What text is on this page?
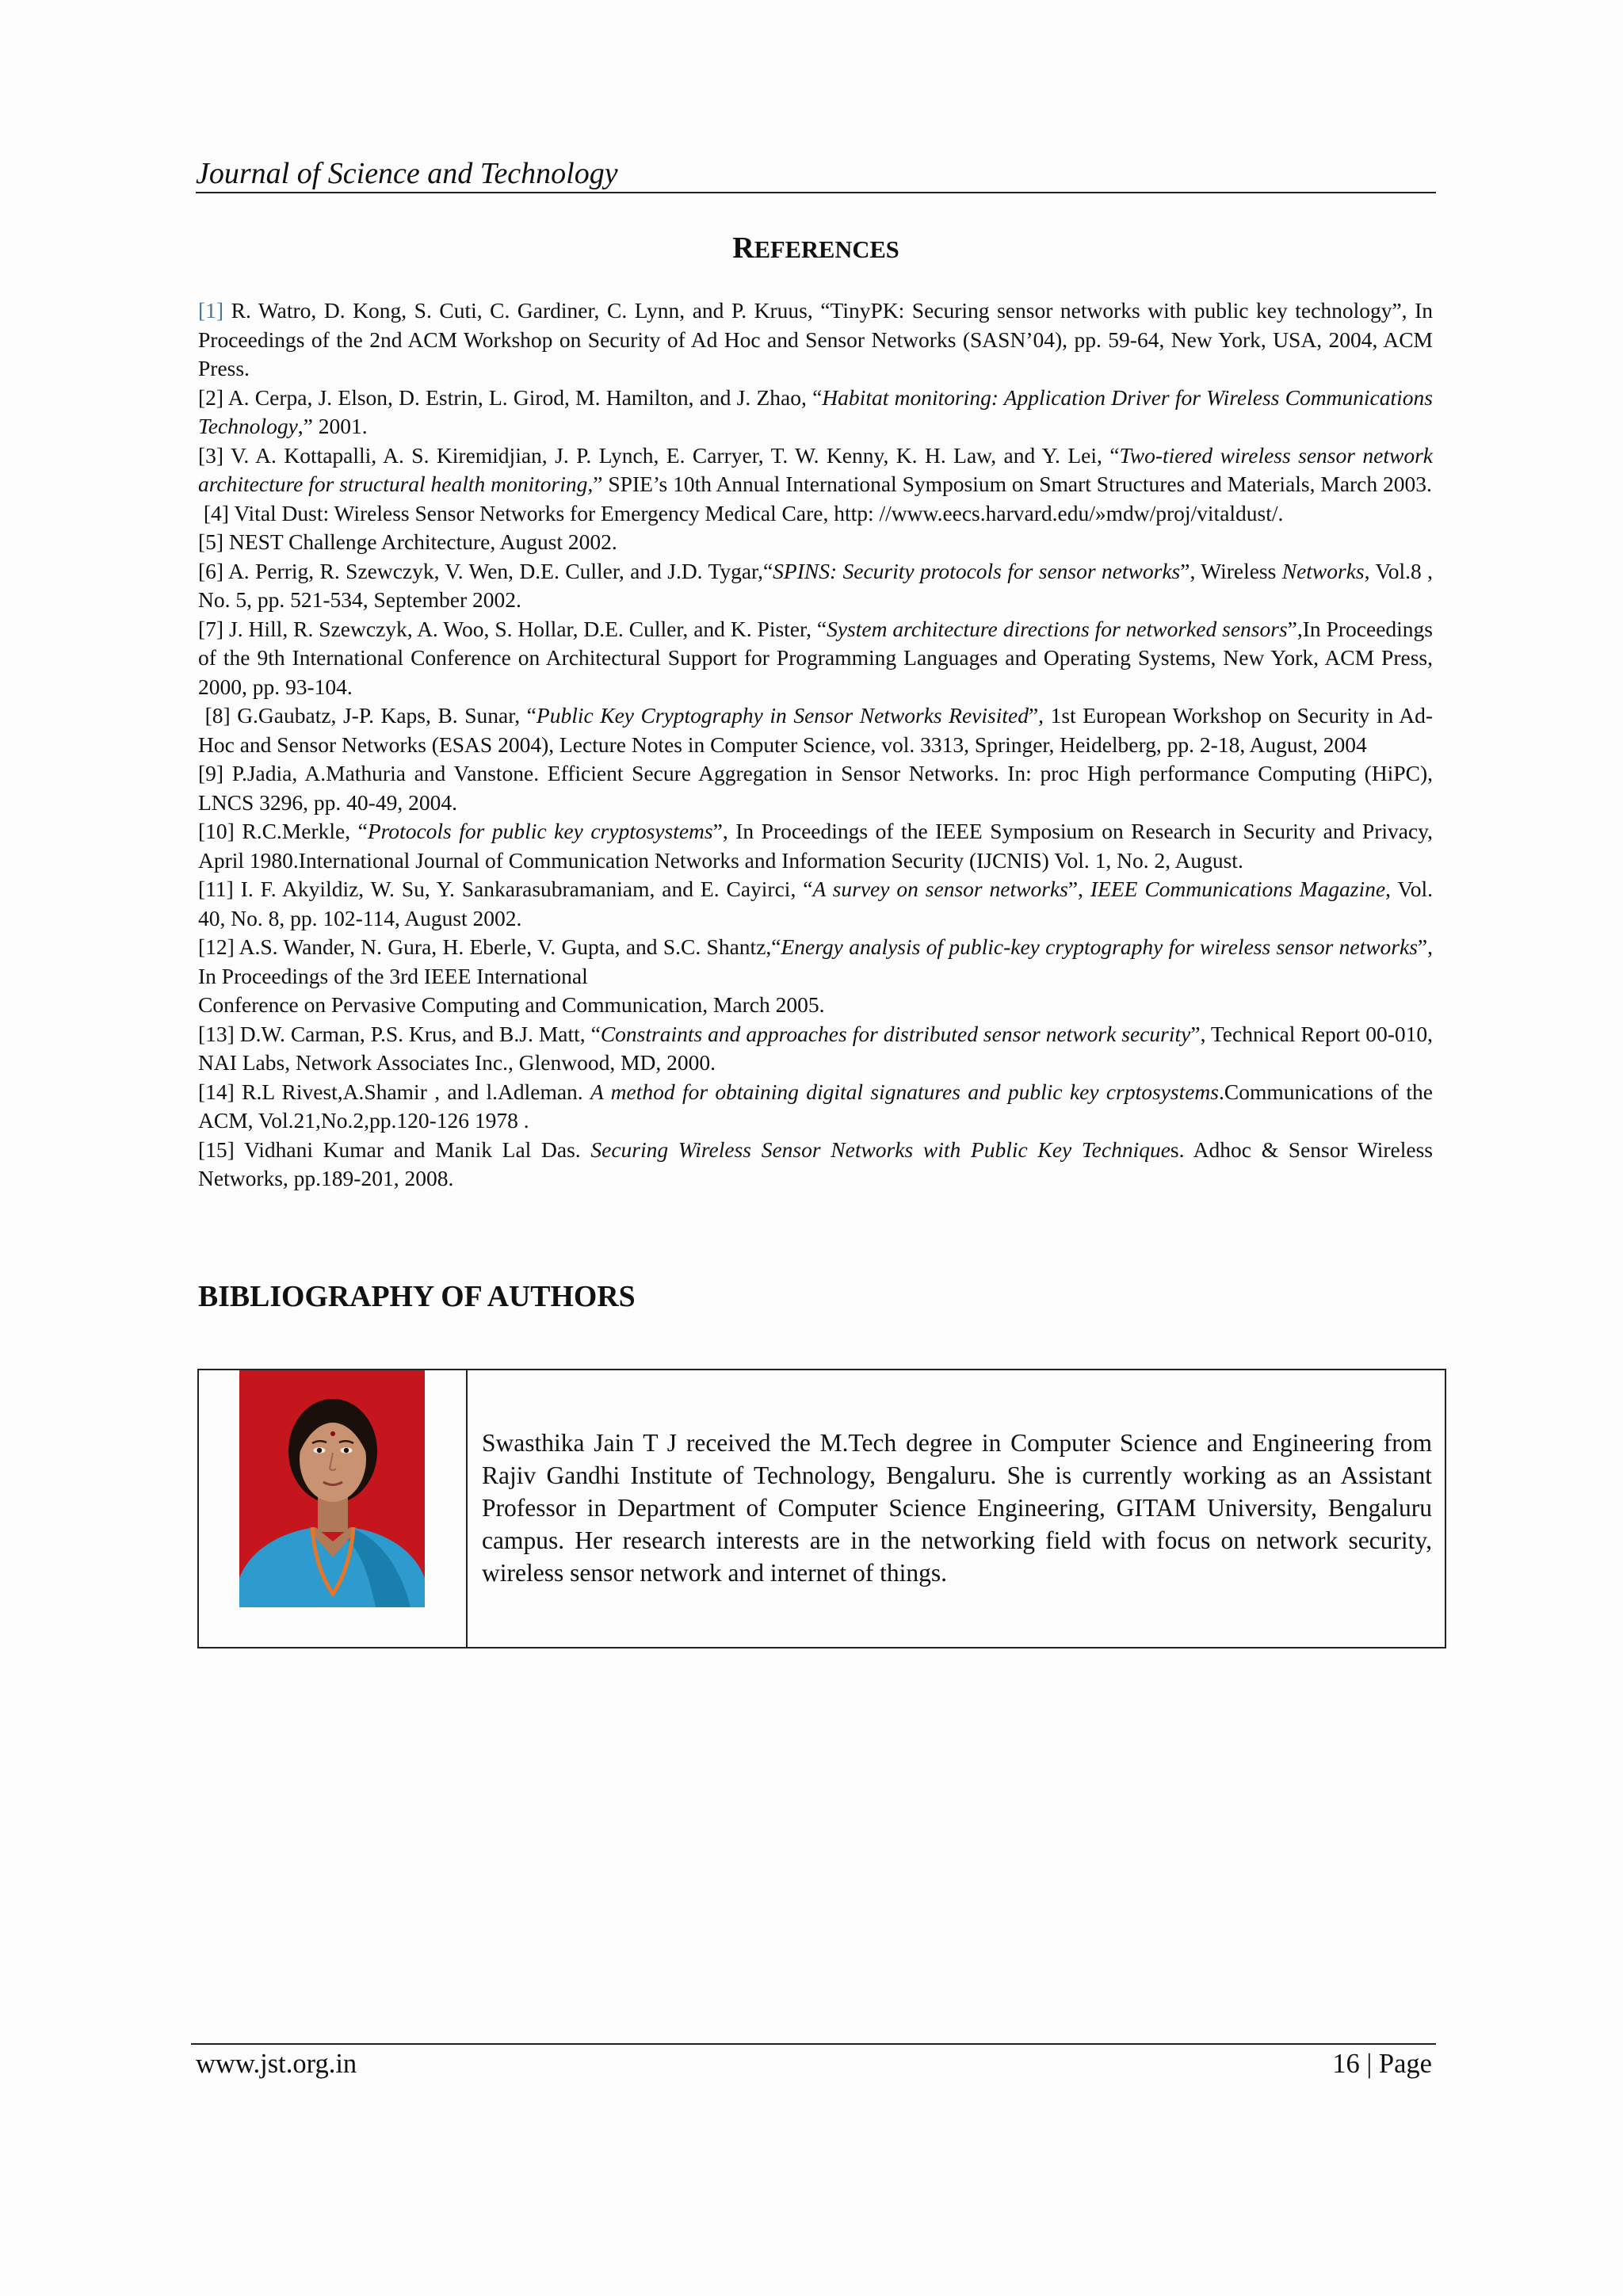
Journal of Science and Technology
REFERENCES
[1] R. Watro, D. Kong, S. Cuti, C. Gardiner, C. Lynn, and P. Kruus, “TinyPK: Securing sensor networks with public key technology”, In Proceedings of the 2nd ACM Workshop on Security of Ad Hoc and Sensor Networks (SASN’04), pp. 59-64, New York, USA, 2004, ACM Press.
[2] A. Cerpa, J. Elson, D. Estrin, L. Girod, M. Hamilton, and J. Zhao, “Habitat monitoring: Application Driver for Wireless Communications Technology,” 2001.
[3] V. A. Kottapalli, A. S. Kiremidjian, J. P. Lynch, E. Carryer, T. W. Kenny, K. H. Law, and Y. Lei, “Two-tiered wireless sensor network architecture for structural health monitoring,” SPIE’s 10th Annual International Symposium on Smart Structures and Materials, March 2003.
[4] Vital Dust: Wireless Sensor Networks for Emergency Medical Care, http: //www.eecs.harvard.edu/»mdw/proj/vitaldust/.
[5] NEST Challenge Architecture, August 2002.
[6] A. Perrig, R. Szewczyk, V. Wen, D.E. Culler, and J.D. Tygar,“SPINS: Security protocols for sensor networks”, Wireless Networks, Vol.8 , No. 5, pp. 521-534, September 2002.
[7] J. Hill, R. Szewczyk, A. Woo, S. Hollar, D.E. Culler, and K. Pister, “System architecture directions for networked sensors”,In Proceedings of the 9th International Conference on Architectural Support for Programming Languages and Operating Systems, New York, ACM Press, 2000, pp. 93-104.
[8] G.Gaubatz, J-P. Kaps, B. Sunar, “Public Key Cryptography in Sensor Networks Revisited”, 1st European Workshop on Security in Ad-Hoc and Sensor Networks (ESAS 2004), Lecture Notes in Computer Science, vol. 3313, Springer, Heidelberg, pp. 2-18, August, 2004
[9] P.Jadia, A.Mathuria and Vanstone. Efficient Secure Aggregation in Sensor Networks. In: proc High performance Computing (HiPC), LNCS 3296, pp. 40-49, 2004.
[10] R.C.Merkle, “Protocols for public key cryptosystems”, In Proceedings of the IEEE Symposium on Research in Security and Privacy, April 1980.International Journal of Communication Networks and Information Security (IJCNIS) Vol. 1, No. 2, August.
[11] I. F. Akyildiz, W. Su, Y. Sankarasubramaniam, and E. Cayirci, “A survey on sensor networks”, IEEE Communications Magazine, Vol. 40, No. 8, pp. 102-114, August 2002.
[12] A.S. Wander, N. Gura, H. Eberle, V. Gupta, and S.C. Shantz,“Energy analysis of public-key cryptography for wireless sensor networks”, In Proceedings of the 3rd IEEE International
Conference on Pervasive Computing and Communication, March 2005.
[13] D.W. Carman, P.S. Krus, and B.J. Matt, “Constraints and approaches for distributed sensor network security”, Technical Report 00-010, NAI Labs, Network Associates Inc., Glenwood, MD, 2000.
[14] R.L Rivest,A.Shamir , and l.Adleman. A method for obtaining digital signatures and public key crptosystems.Communications of the ACM, Vol.21,No.2,pp.120-126 1978 .
[15] Vidhani Kumar and Manik Lal Das. Securing Wireless Sensor Networks with Public Key Techniques. Adhoc & Sensor Wireless Networks, pp.189-201, 2008.
BIBLIOGRAPHY OF AUTHORS
Swasthika Jain T J received the M.Tech degree in Computer Science and Engineering from Rajiv Gandhi Institute of Technology, Bengaluru. She is currently working as an Assistant Professor in Department of Computer Science Engineering, GITAM University, Bengaluru campus. Her research interests are in the networking field with focus on network security, wireless sensor network and internet of things.
www.jst.org.in	16 | Page
